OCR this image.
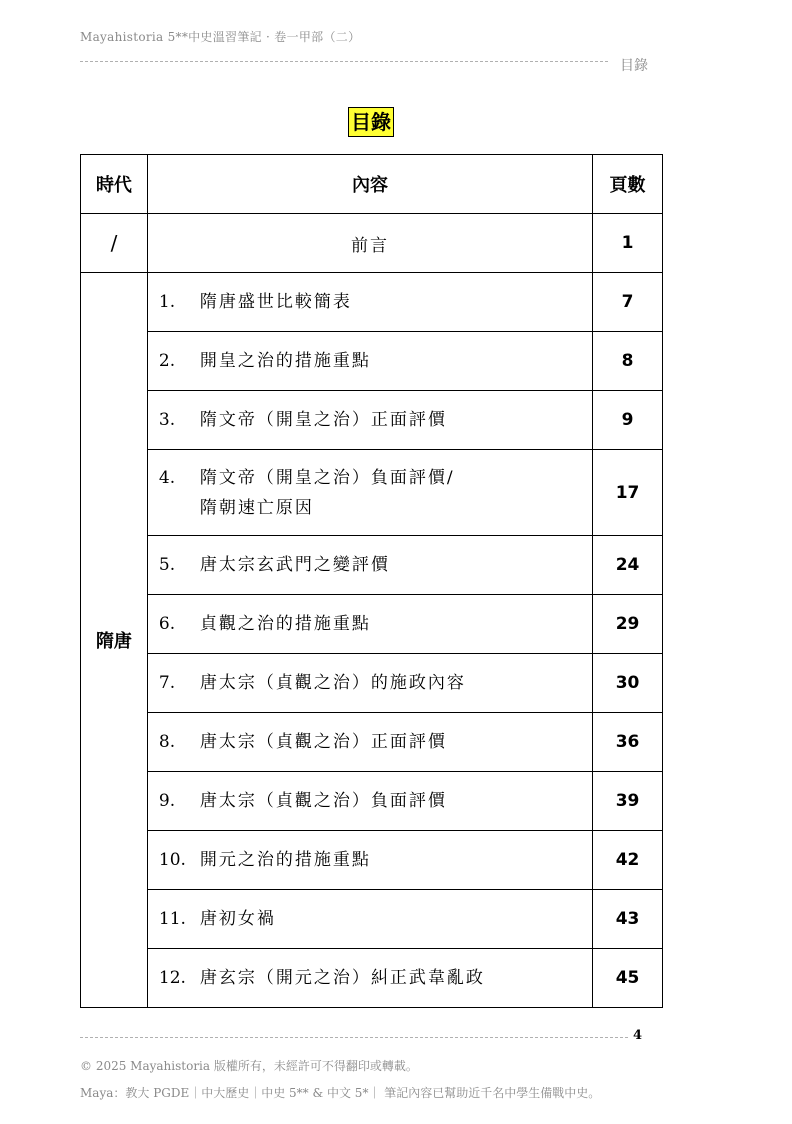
Mayahistoria 5**中史溫習筆記 · 卷一甲部（二）
目錄
目錄
時代	內容	頁數
/	前言	1
隋唐	1. 隋唐盛世比較簡表	7

	2. 開皇之治的措施重點	8

	3. 隋文帝（開皇之治）正面評價	9

	4. 隋文帝（開皇之治）負面評價/
隋朝速亡原因	17

	5. 唐太宗玄武門之變評價	24

	6. 貞觀之治的措施重點	29

	7. 唐太宗（貞觀之治）的施政內容	30

	8. 唐太宗（貞觀之治）正面評價	36

	9. 唐太宗（貞觀之治）負面評價	39

	10. 開元之治的措施重點	42

	11. 唐初女禍	43

	12. 唐玄宗（開元之治）糾正武韋亂政	45
4
© 2025 Mayahistoria 版權所有，未經許可不得翻印或轉載。
Maya：教大 PGDE｜中大歷史｜中史 5** & 中文 5*｜ 筆記內容已幫助近千名中學生備戰中史。
